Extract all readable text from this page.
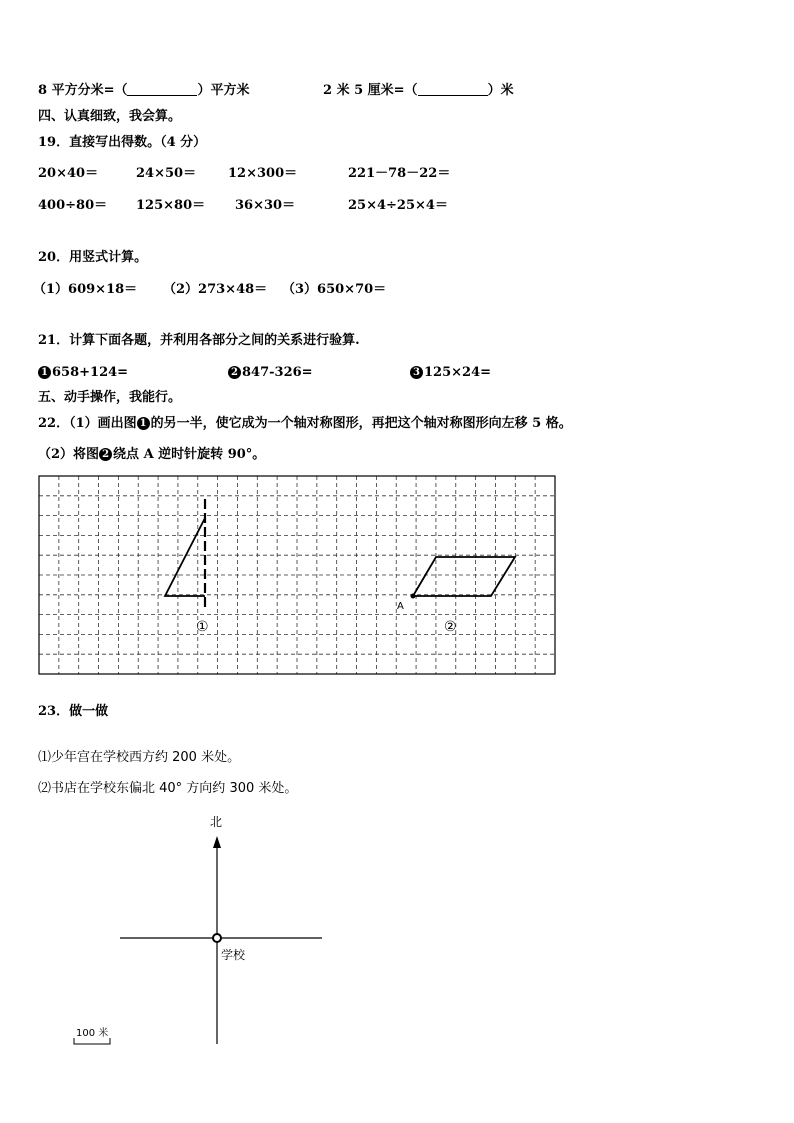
8 平方分米=（	）平方米	2 米 5 厘米=（	）米
四、认真细致，我会算。
19．直接写出得数。（4 分）
20×40＝	24×50＝ 12×300＝	221－78－22＝
400÷80＝ 125×80＝ 36×30＝	25×4÷25×4＝
20．用竖式计算。
（1）609×18＝ （2）273×48＝ （3）650×70＝
21．计算下面各题，并利用各部分之间的关系进行验算.
1 658+124=	2 847-326=	3 125×24=
五、动手操作，我能行。
22．（1）画出图 1 的另一半，使它成为一个轴对称图形，再把这个轴对称图形向左移 5 格。
（2）将图 2 绕点 A 逆时针旋转 90°。
A
①	②
23．做一做
⑴少年宫在学校西方约 200 米处。
⑵书店在学校东偏北 40° 方向约 300 米处。
北
学校
100 米
